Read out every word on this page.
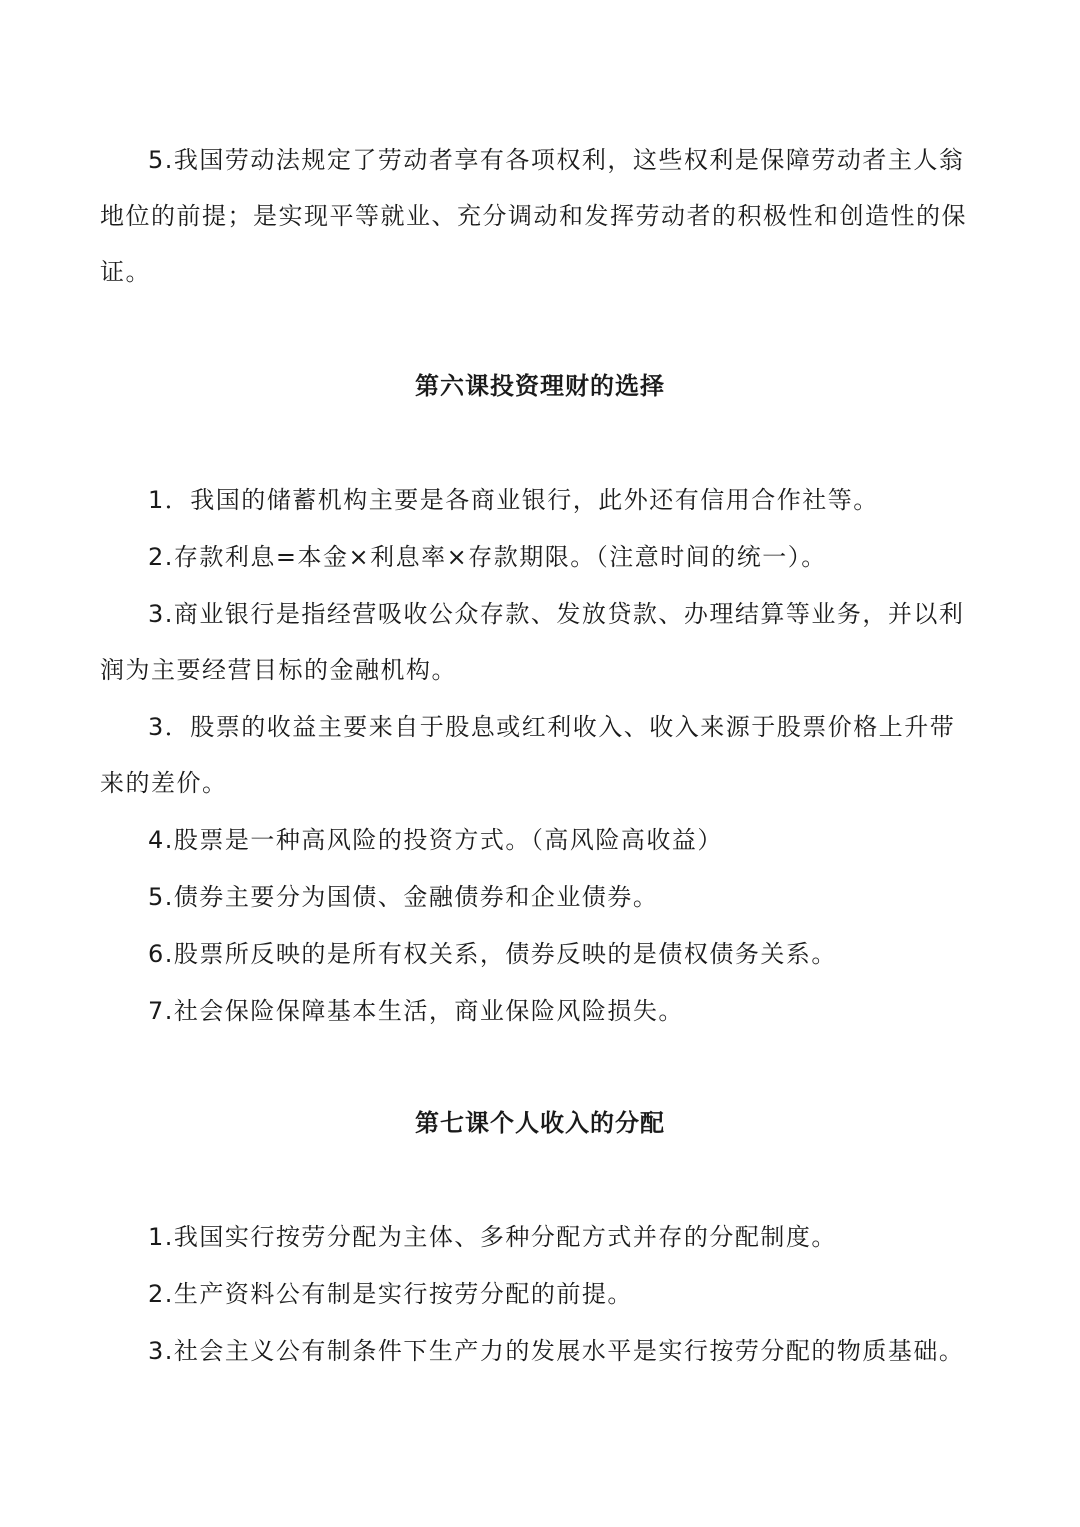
5.我国劳动法规定了劳动者享有各项权利，这些权利是保障劳动者主人翁地位的前提；是实现平等就业、充分调动和发挥劳动者的积极性和创造性的保证。

第六课投资理财的选择

1．我国的储蓄机构主要是各商业银行，此外还有信用合作社等。

2.存款利息=本金×利息率×存款期限。（注意时间的统一）。

3.商业银行是指经营吸收公众存款、发放贷款、办理结算等业务，并以利润为主要经营目标的金融机构。

3．股票的收益主要来自于股息或红利收入、收入来源于股票价格上升带来的差价。

4.股票是一种高风险的投资方式。（高风险高收益）

5.债券主要分为国债、金融债券和企业债券。

6.股票所反映的是所有权关系，债券反映的是债权债务关系。

7.社会保险保障基本生活，商业保险风险损失。

第七课个人收入的分配

1.我国实行按劳分配为主体、多种分配方式并存的分配制度。

2.生产资料公有制是实行按劳分配的前提。

3.社会主义公有制条件下生产力的发展水平是实行按劳分配的物质基础。
